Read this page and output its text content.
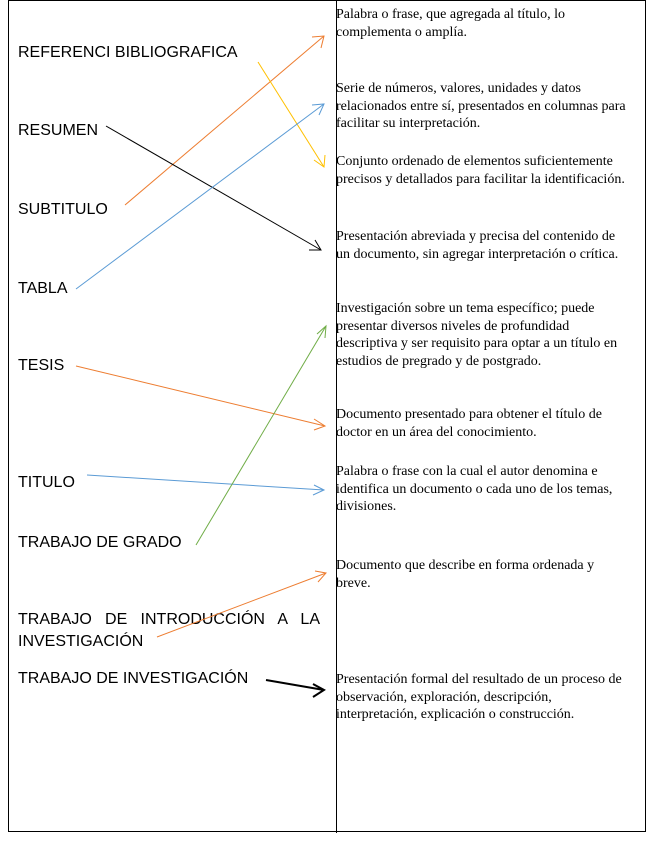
REFERENCI BIBLIOGRAFICA
RESUMEN
SUBTITULO
TABLA
TESIS
TITULO
TRABAJO DE GRADO
TRABAJO DE INTRODUCCIÓN A LA INVESTIGACIÓN
TRABAJO DE INVESTIGACIÓN
Palabra o frase, que agregada al título, lo complementa o amplía.
Serie de números, valores, unidades y datos relacionados entre sí, presentados en columnas para facilitar su interpretación.
Conjunto ordenado de elementos suficientemente precisos y detallados para facilitar la identificación.
Presentación abreviada y precisa del contenido de un documento, sin agregar interpretación o crítica.
Investigación sobre un tema específico; puede presentar diversos niveles de profundidad descriptiva y ser requisito para optar a un título en estudios de pregrado y de postgrado.
Documento presentado para obtener el título de doctor en un área del conocimiento.
Palabra o frase con la cual el autor denomina e identifica un documento o cada uno de los temas, divisiones.
Documento que describe en forma ordenada y breve.
Presentación formal del resultado de un proceso de observación, exploración, descripción, interpretación, explicación o construcción.
